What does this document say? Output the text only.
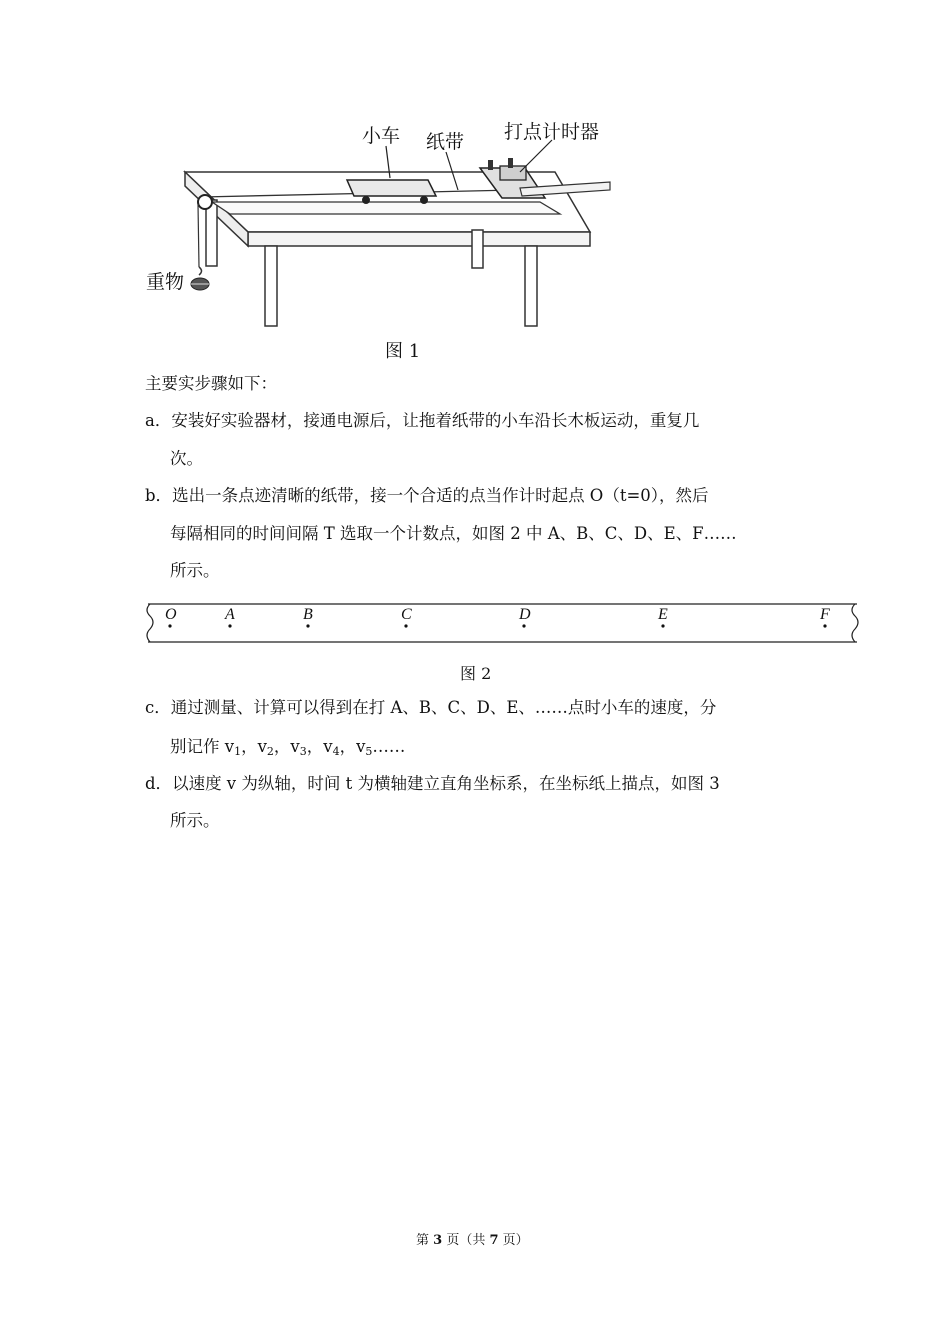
小车 纸带 打点计时器
重物
图 1
主要实步骤如下：
a．安装好实验器材，接通电源后，让拖着纸带的小车沿长木板运动，重复几
次。
b．选出一条点迹清晰的纸带，接一个合适的点当作计时起点 O（t=0），然后
每隔相同的时间间隔 T 选取一个计数点，如图 2 中 A、B、C、D、E、F……
所示。
O	A	B	C	D	E	F
图 2
c．通过测量、计算可以得到在打 A、B、C、D、E、……点时小车的速度，分
别记作 $v_1$，$v_2$，$v_3$，$v_4$，$v_5\dots\dots$
d．以速度 v 为纵轴，时间 t 为横轴建立直角坐标系，在坐标纸上描点，如图 3
所示。
第 3 页（共 7 页）
